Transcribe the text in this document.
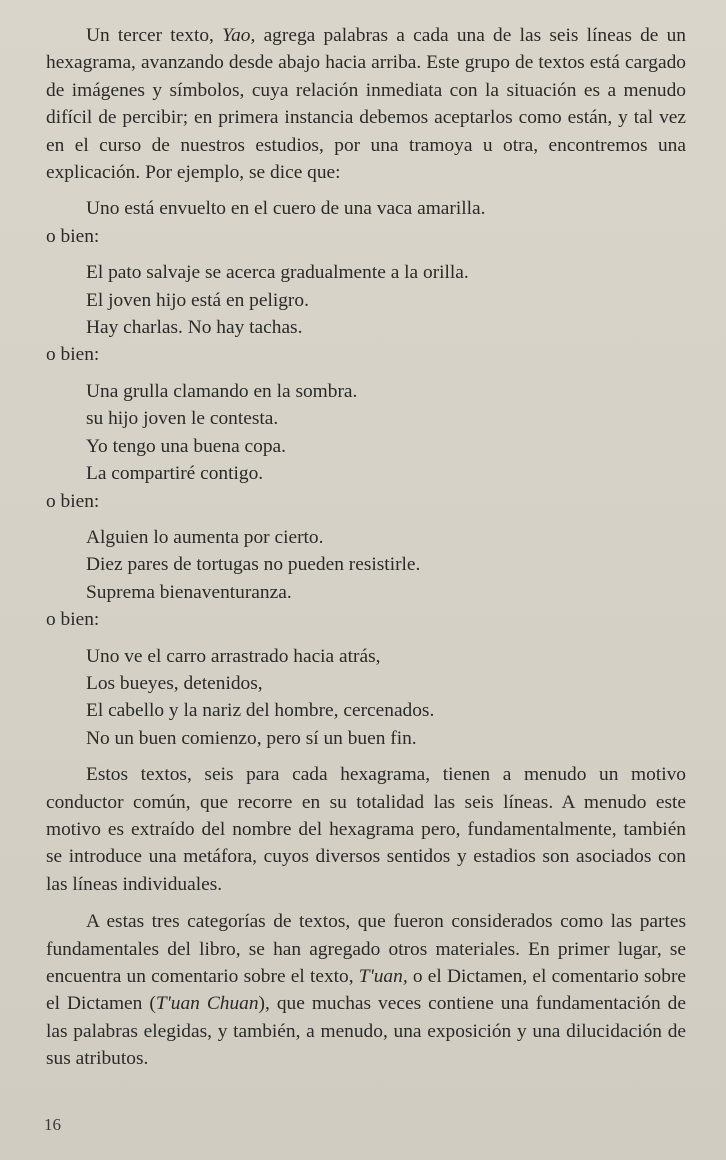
Un tercer texto, Yao, agrega palabras a cada una de las seis líneas de un hexagrama, avanzando desde abajo hacia arriba. Este grupo de textos está cargado de imágenes y símbolos, cuya relación inmediata con la situación es a menudo difícil de percibir; en primera instancia debemos aceptarlos como están, y tal vez en el curso de nuestros estudios, por una tramoya u otra, encontremos una explicación. Por ejemplo, se dice que:

Uno está envuelto en el cuero de una vaca amarilla.
o bien:
El pato salvaje se acerca gradualmente a la orilla.
El joven hijo está en peligro.
Hay charlas. No hay tachas.
o bien:
Una grulla clamando en la sombra.
su hijo joven le contesta.
Yo tengo una buena copa.
La compartiré contigo.
o bien:
Alguien lo aumenta por cierto.
Diez pares de tortugas no pueden resistirle.
Suprema bienaventuranza.
o bien:
Uno ve el carro arrastrado hacia atrás,
Los bueyes, detenidos,
El cabello y la nariz del hombre, cercenados.
No un buen comienzo, pero sí un buen fin.

Estos textos, seis para cada hexagrama, tienen a menudo un motivo conductor común, que recorre en su totalidad las seis líneas. A menudo este motivo es extraído del nombre del hexagrama pero, fundamentalmente, también se introduce una metáfora, cuyos diversos sentidos y estadios son asociados con las líneas individuales.

A estas tres categorías de textos, que fueron considerados como las partes fundamentales del libro, se han agregado otros materiales. En primer lugar, se encuentra un comentario sobre el texto, T'uan, o el Dictamen, el comentario sobre el Dictamen (T'uan Chuan), que muchas veces contiene una fundamentación de las palabras elegidas, y también, a menudo, una exposición y una dilucidación de sus atributos.

16
